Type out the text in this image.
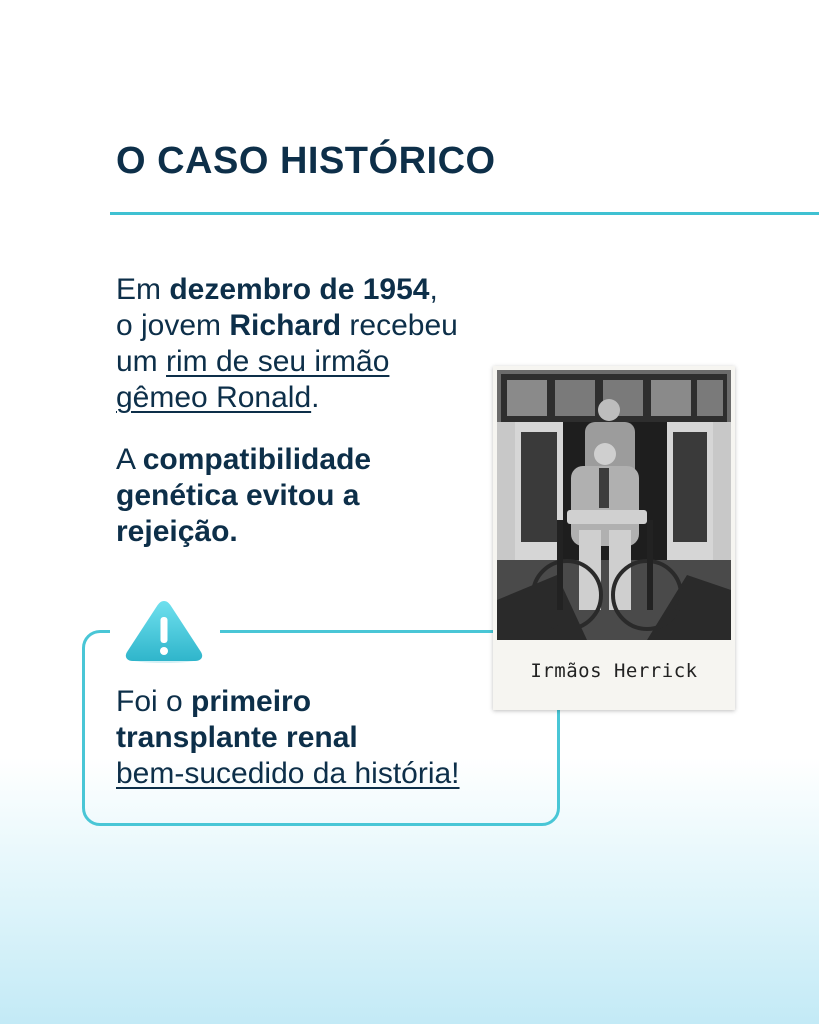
O CASO HISTÓRICO

Em dezembro de 1954,
o jovem Richard recebeu
um rim de seu irmão
gêmeo Ronald.

A compatibilidade genética evitou a rejeição.

Foi o primeiro
transplante renal
bem-sucedido da história!

Irmãos Herrick
